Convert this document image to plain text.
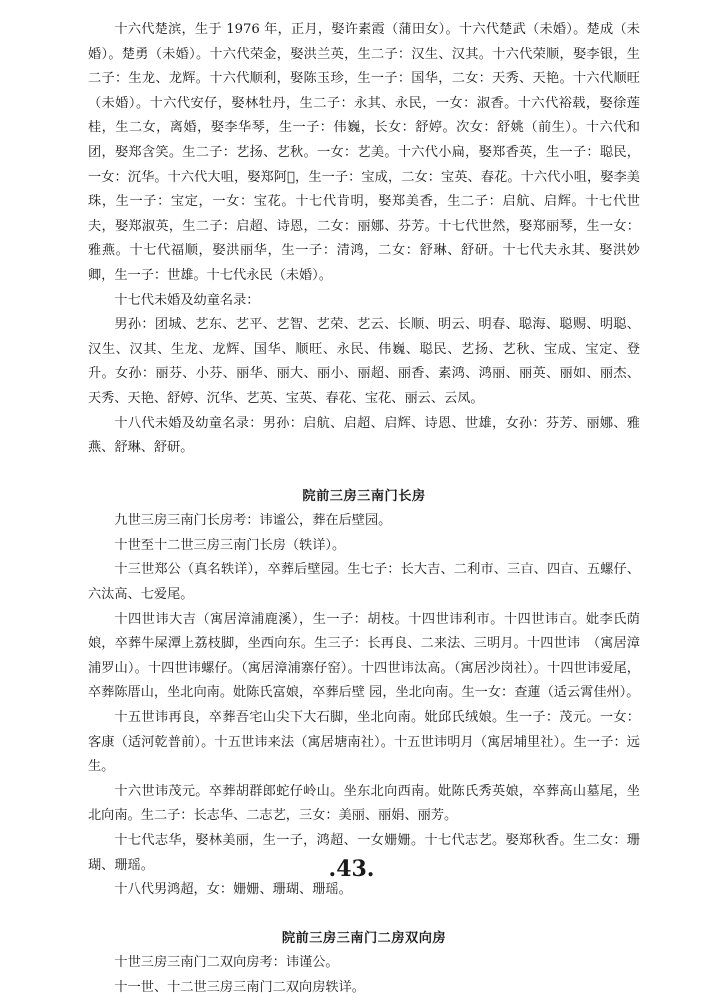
十六代楚滨，生于 1976 年，正月，娶许素霞（蒲田女）。十六代楚武（未婚）。楚成（未婚）。楚勇（未婚）。十六代荣金，娶洪兰英，生二子：汉生、汉其。十六代荣顺，娶李银，生二子：生龙、龙辉。十六代顺利，娶陈玉珍，生一子：国华，二女：天秀、天艳。十六代顺旺（未婚）。十六代安仔，娶林牡丹，生二子：永其、永民，一女：淑香。十六代裕载，娶徐莲桂，生二女，离婚，娶李华琴，生一子：伟巍，长女：舒婷。次女：舒姚（前生）。十六代和团，娶郑含笑。生二子：艺扬、艺秋。一女：艺美。十六代小扁，娶郑香英，生一子：聪民，一女：沉华。十六代大咀，娶郑阿𠷢，生一子：宝成，二女：宝英、春花。十六代小咀，娶李美珠，生一子：宝定，一女：宝花。十七代肯明，娶郑美香，生二子：启航、启辉。十七代世夫，娶郑淑英，生二子：启超、诗恩，二女：丽娜、芬芳。十七代世然，娶郑丽琴，生一女：雅燕。十七代福顺，娶洪丽华，生一子：清鸿，二女：舒琳、舒研。十七代夫永其、娶洪妙卿，生一子：世雄。十七代永民（未婚）。

十七代未婚及幼童名录：

男孙：团城、艺东、艺平、艺智、艺荣、艺云、长顺、明云、明春、聪海、聪赐、明聪、汉生、汉其、生龙、龙辉、国华、顺旺、永民、伟巍、聪民、艺扬、艺秋、宝成、宝定、登升。女孙：丽芬、小芬、丽华、丽大、丽小、丽超、丽香、素鸿、鸿丽、丽英、丽如、丽杰、天秀、天艳、舒婷、沉华、艺英、宝英、春花、宝花、丽云、云凤。

十八代未婚及幼童名录：男孙：启航、启超、启辉、诗恩、世雄，女孙：芬芳、丽娜、雅燕、舒琳、舒研。

院前三房三南门长房

九世三房三南门长房考：讳谧公，葬在后壁园。

十世至十二世三房三南门长房（轶详）。

十三世郑公（真名轶详），卒葬后壁园。生七子：长大吉、二利市、三𣅀、四𣅀、五螺仔、六汰高、七爱尾。

十四世讳大吉（寓居漳浦鹿溪），生一子：胡枝。十四世讳利市。十四世讳𣅀。妣李氏荫娘，卒葬牛屎潭上荔枝脚，坐西向东。生三子：长再良、二来法、三明月。十四世讳　（寓居漳浦罗山）。十四世讳螺仔。（寓居漳浦寨仔窑）。十四世讳汰高。（寓居沙岗社）。十四世讳爱尾，卒葬陈厝山，坐北向南。妣陈氏富娘，卒葬后壁 园，坐北向南。生一女：查蓮（适云霄佳州）。

十五世讳再良，卒葬吾宅山尖下大石脚，坐北向南。妣邱氏绒娘。生一子：茂元。一女：客康（适河乾普前）。十五世讳来法（寓居塘南社）。十五世讳明月（寓居埔里社）。生一子：远生。

十六世讳茂元。卒葬胡群郎蛇仔岭山。坐东北向西南。妣陈氏秀英娘，卒葬高山墓尾，坐北向南。生二子：长志华、二志艺，三女：美丽、丽娟、丽芳。

十七代志华，娶林美丽，生一子，鸿超、一女姗姗。十七代志艺。娶郑秋香。生二女：珊瑚、珊瑶。

十八代男鸿超，女：姗姗、珊瑚、珊瑶。

院前三房三南门二房双向房

十世三房三南门二双向房考：讳谨公。

十一世、十二世三房三南门二双向房轶详。

.43.
